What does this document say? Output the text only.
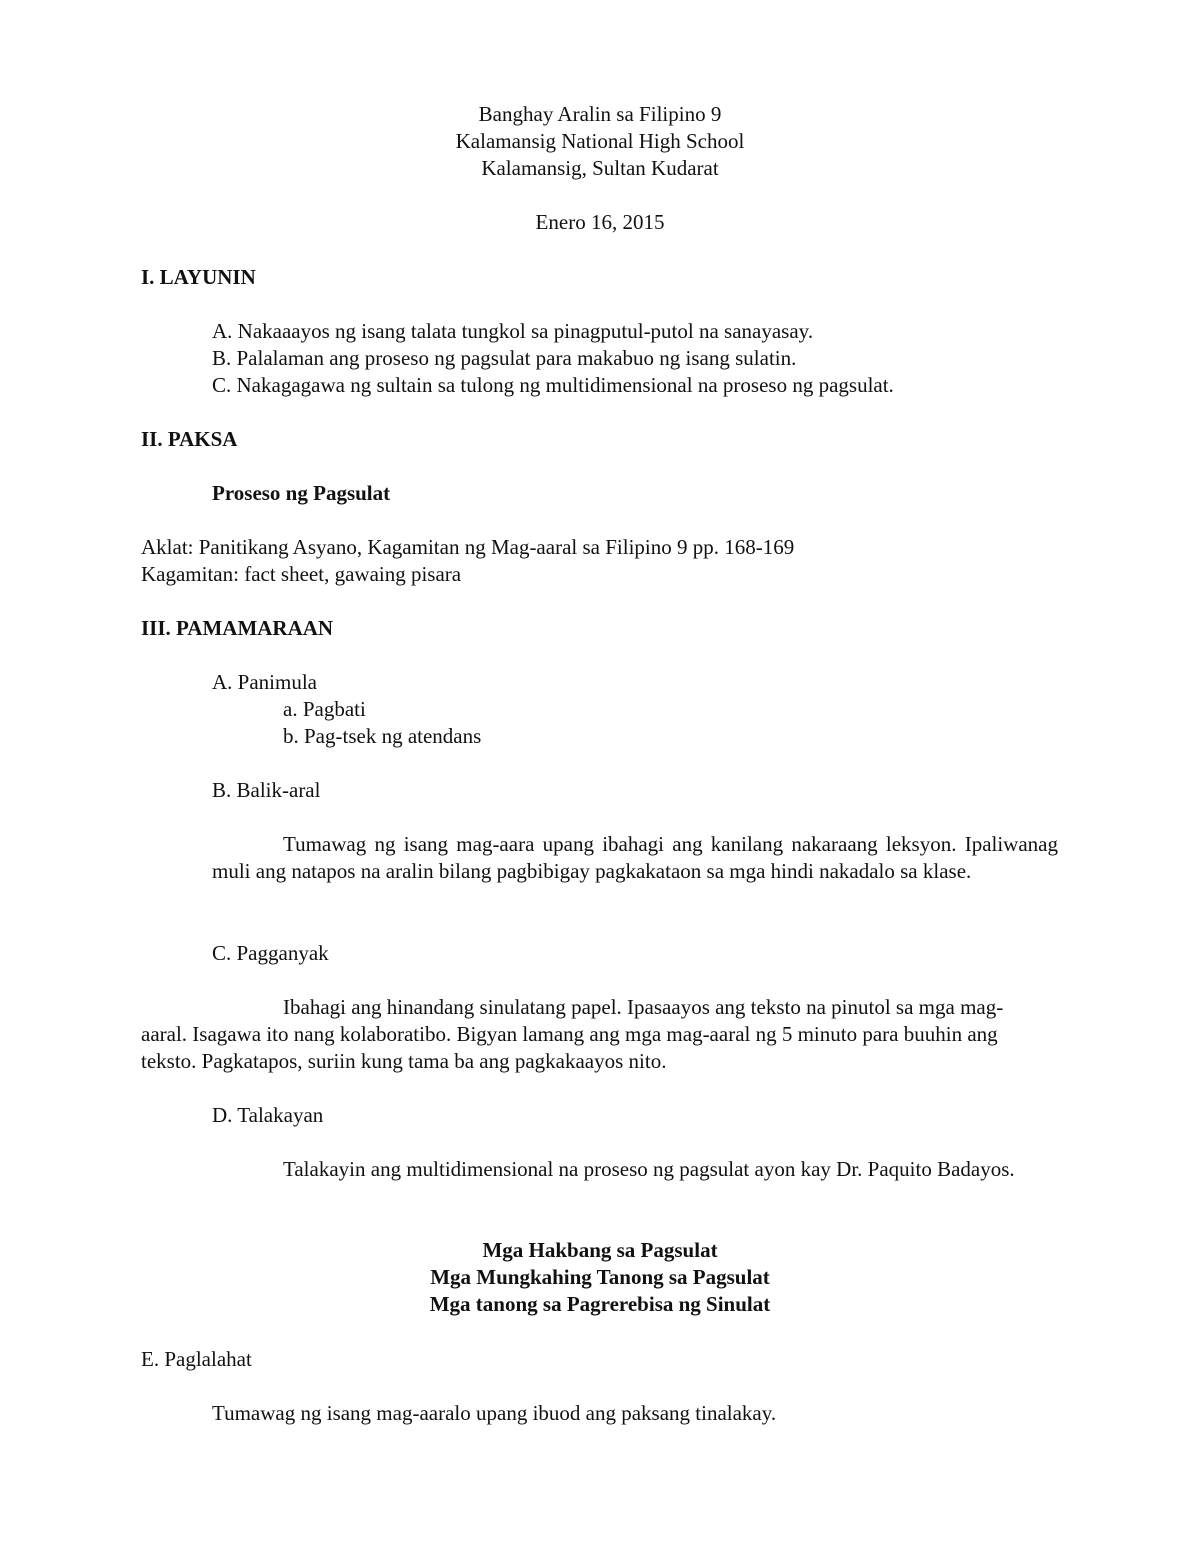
Banghay Aralin sa Filipino 9
Kalamansig National High School
Kalamansig, Sultan Kudarat
Enero 16, 2015
I. LAYUNIN
A. Nakaaayos ng isang talata tungkol sa pinagputul-putol na sanayasay.
B. Palalaman ang proseso ng pagsulat para makabuo ng isang sulatin.
C. Nakagagawa ng sultain sa tulong ng multidimensional na proseso ng pagsulat.
II. PAKSA
Proseso ng Pagsulat
Aklat: Panitikang Asyano, Kagamitan ng Mag-aaral sa Filipino 9 pp. 168-169
Kagamitan: fact sheet, gawaing pisara
III. PAMAMARAAN
A. Panimula
a. Pagbati
b. Pag-tsek ng atendans
B. Balik-aral
Tumawag ng isang mag-aara upang ibahagi ang kanilang nakaraang leksyon. Ipaliwanag muli ang natapos na aralin bilang pagbibigay pagkakataon sa mga hindi nakadalo sa klase.
C. Pagganyak
Ibahagi ang hinandang sinulatang papel. Ipasaayos ang teksto na pinutol sa mga mag-aaral. Isagawa ito nang kolaboratibo. Bigyan lamang ang mga mag-aaral ng 5 minuto para buuhin ang teksto. Pagkatapos, suriin kung tama ba ang pagkakaayos nito.
D. Talakayan
Talakayin ang multidimensional na proseso ng pagsulat ayon kay Dr. Paquito Badayos.
Mga Hakbang sa Pagsulat
Mga Mungkahing Tanong sa Pagsulat
Mga tanong sa Pagrerebisa ng Sinulat
E. Paglalahat
Tumawag ng isang mag-aaralo upang ibuod ang paksang tinalakay.
